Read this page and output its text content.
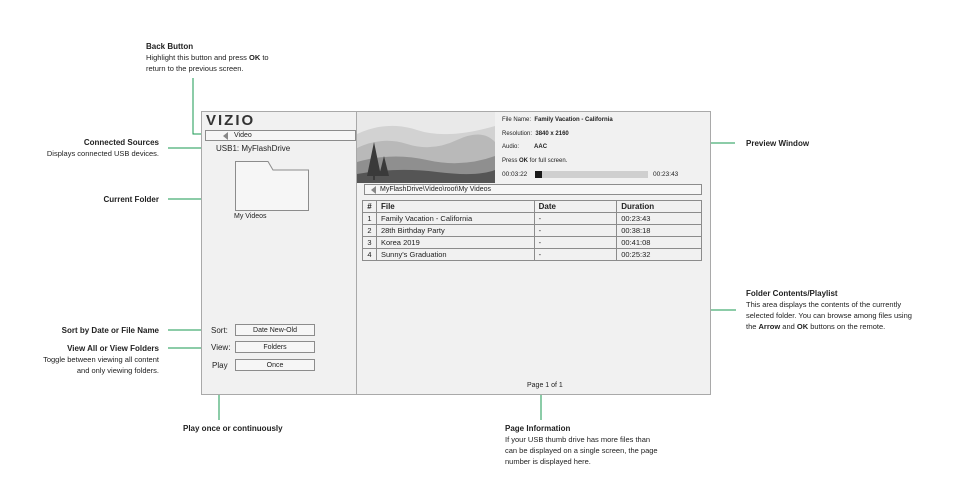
Back Button
Highlight this button and press OK to
return to the previous screen.
Connected Sources
Displays connected USB devices.
Current Folder
Sort by Date or File Name
View All or View Folders
Toggle between viewing all content
and only viewing folders.
Play once or continuously
Preview Window
Folder Contents/Playlist
This area displays the contents of the currently
selected folder. You can browse among files using
the Arrow and OK buttons on the remote.
Page Information
If your USB thumb drive has more files than
can be displayed on a single screen, the page
number is displayed here.
VIZIO
Video
USB1: MyFlashDrive
My Videos
Sort:	Date New-Old
View:	Folders
Play	Once
File Name: Family Vacation - California
Resolution: 3840 x 2160
Audio:	AAC
Press OK for full screen.
00:03:22	00:23:43
MyFlashDrive\Video\root\My Videos
#	File	Date	Duration
1	Family Vacation - California	-	00:23:43
2	28th Birthday Party	-	00:38:18
3	Korea 2019	-	00:41:08
4	Sunny's Graduation	-	00:25:32
Page 1 of 1
